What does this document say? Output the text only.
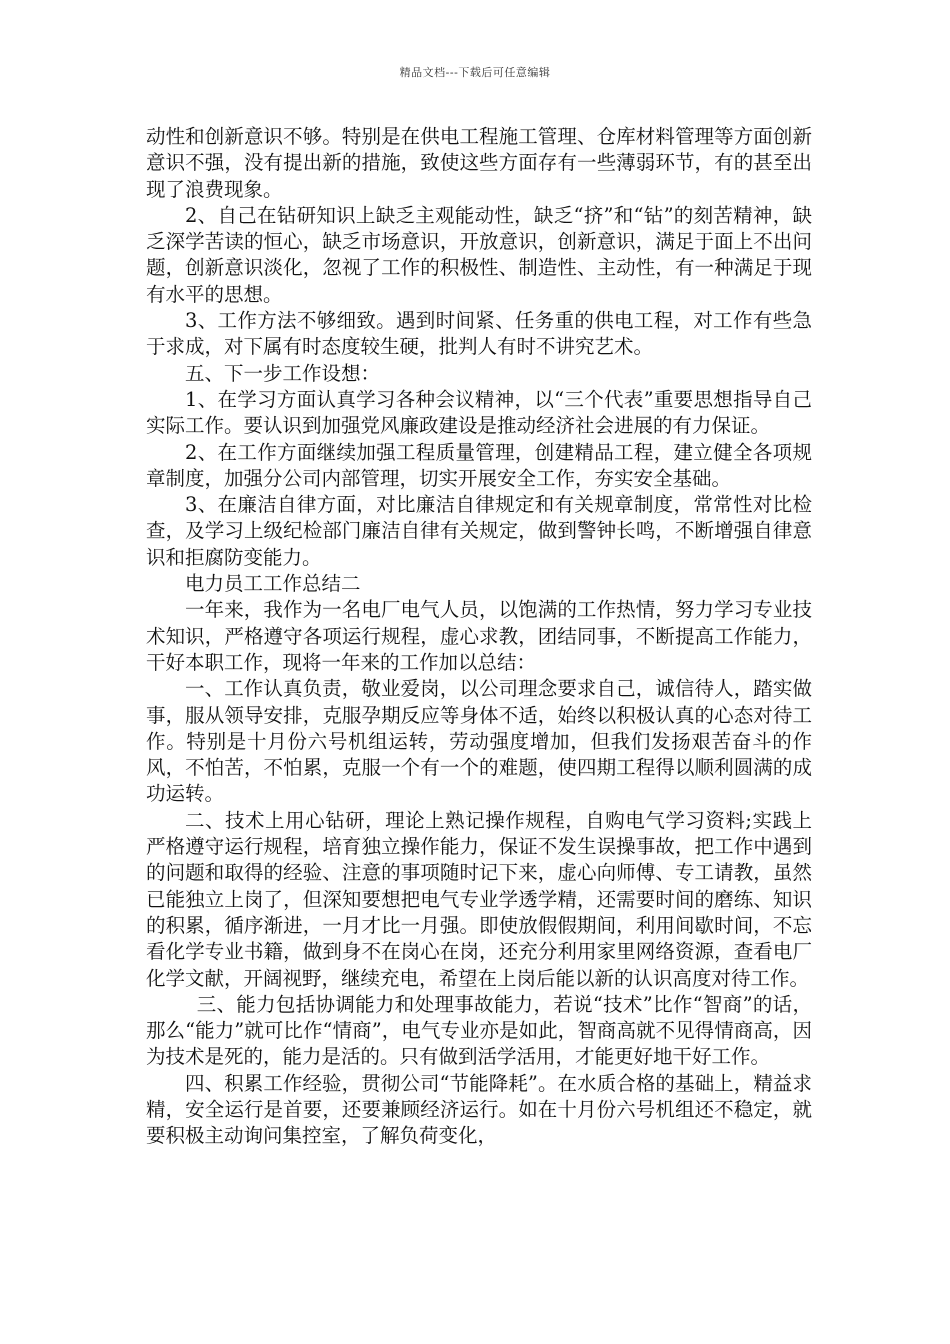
精品文档---下载后可任意编辑

动性和创新意识不够。特别是在供电工程施工管理、仓库材料管理等方面创新意识不强，没有提出新的措施，致使这些方面存有一些薄弱环节，有的甚至出现了浪费现象。

2、自己在钻研知识上缺乏主观能动性，缺乏“挤”和“钻”的刻苦精神，缺乏深学苦读的恒心，缺乏市场意识，开放意识，创新意识，满足于面上不出问题，创新意识淡化，忽视了工作的积极性、制造性、主动性，有一种满足于现有水平的思想。

3、工作方法不够细致。遇到时间紧、任务重的供电工程，对工作有些急于求成，对下属有时态度较生硬，批判人有时不讲究艺术。

五、下一步工作设想：

1、在学习方面认真学习各种会议精神，以“三个代表”重要思想指导自己实际工作。要认识到加强党风廉政建设是推动经济社会进展的有力保证。

2、在工作方面继续加强工程质量管理，创建精品工程，建立健全各项规章制度，加强分公司内部管理，切实开展安全工作，夯实安全基础。

3、在廉洁自律方面，对比廉洁自律规定和有关规章制度，常常性对比检查，及学习上级纪检部门廉洁自律有关规定，做到警钟长鸣，不断增强自律意识和拒腐防变能力。

电力员工工作总结二

一年来，我作为一名电厂电气人员，以饱满的工作热情，努力学习专业技术知识，严格遵守各项运行规程，虚心求教，团结同事，不断提高工作能力，干好本职工作，现将一年来的工作加以总结：

一、工作认真负责，敬业爱岗，以公司理念要求自己，诚信待人，踏实做事，服从领导安排，克服孕期反应等身体不适，始终以积极认真的心态对待工作。特别是十月份六号机组运转，劳动强度增加，但我们发扬艰苦奋斗的作风，不怕苦，不怕累，克服一个有一个的难题，使四期工程得以顺利圆满的成功运转。

二、技术上用心钻研，理论上熟记操作规程，自购电气学习资料;实践上严格遵守运行规程，培育独立操作能力，保证不发生误操事故，把工作中遇到的问题和取得的经验、注意的事项随时记下来，虚心向师傅、专工请教，虽然已能独立上岗了，但深知要想把电气专业学透学精，还需要时间的磨练、知识的积累，循序渐进，一月才比一月强。即使放假假期间，利用间歇时间，不忘看化学专业书籍，做到身不在岗心在岗，还充分利用家里网络资源，查看电厂化学文献，开阔视野，继续充电，希望在上岗后能以新的认识高度对待工作。

三、能力包括协调能力和处理事故能力，若说“技术”比作“智商”的话，那么“能力”就可比作“情商”，电气专业亦是如此，智商高就不见得情商高，因为技术是死的，能力是活的。只有做到活学活用，才能更好地干好工作。

四、积累工作经验，贯彻公司“节能降耗”。在水质合格的基础上，精益求精，安全运行是首要，还要兼顾经济运行。如在十月份六号机组还不稳定，就要积极主动询问集控室，了解负荷变化，
